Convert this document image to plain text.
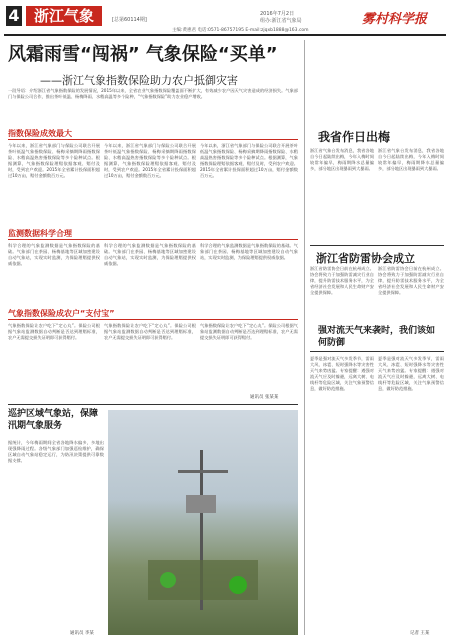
4 浙江气象	[总第60114期]
2016年7月2日
组办:浙江省气象局	雾村科学报
主编:黄惠君 电话:0571-86757195 E-mail:zjqxb1888@163.com
风霜雨雪“闯祸” 气象保险“买单”
——浙江气象指数保险助力农户抵御灾害
一段导语：介绍浙江省气象指数保险的发展情况，2015年以来，全省农业气象指数保险覆盖面不断扩大，有效减少农户因天气灾害造成的经济损失。气象部门与保险公司合作，推出茶叶低温、杨梅降雨、水稻高温等多个险种，“气象指数保险”助力农业稳产增收。
指数保险成效最大
今年以来，浙江省气象部门与保险公司联合开展茶叶低温气象指数保险、杨梅采摘期降雨指数保险、水稻高温热害指数保险等多个险种试点。根据测算，气象指数保险理赔依据客观、赔付及时，受到农户欢迎。2015年全省累计投保面积超过10万亩，赔付金额数百万元。
今年以来，浙江省气象部门与保险公司联合开展茶叶低温气象指数保险、杨梅采摘期降雨指数保险、水稻高温热害指数保险等多个险种试点。根据测算，气象指数保险理赔依据客观、赔付及时，受到农户欢迎。2015年全省累计投保面积超过10万亩，赔付金额数百万元。
今年以来，浙江省气象部门与保险公司联合开展茶叶低温气象指数保险、杨梅采摘期降雨指数保险、水稻高温热害指数保险等多个险种试点。根据测算，气象指数保险理赔依据客观、赔付及时，受到农户欢迎。2015年全省累计投保面积超过10万亩，赔付金额数百万元。
监测数据科学合理
科学合理的气象监测数据是气象指数保险的基础。气象部门在茶园、杨梅基地等区域加密建设自动气象站，实现实时监测，为保险理赔提供权威依据。
科学合理的气象监测数据是气象指数保险的基础。气象部门在茶园、杨梅基地等区域加密建设自动气象站，实现实时监测，为保险理赔提供权威依据。
科学合理的气象监测数据是气象指数保险的基础。气象部门在茶园、杨梅基地等区域加密建设自动气象站，实现实时监测，为保险理赔提供权威依据。
气象指数保险成农户“支付宝”
气象指数保险让农户吃下“定心丸”。保险公司根据气象站监测数据自动判断是否达到理赔标准，农户无需提交损失证明即可获得赔付。
气象指数保险让农户吃下“定心丸”。保险公司根据气象站监测数据自动判断是否达到理赔标准，农户无需提交损失证明即可获得赔付。
气象指数保险让农户吃下“定心丸”。保险公司根据气象站监测数据自动判断是否达到理赔标准，农户无需提交损失证明即可获得赔付。
通讯员 张某某
巡护区域气象站，保障汛期气象服务
据统计，今年梅雨期间全省各地降水偏多，多地出现强降雨过程。各级气象部门加强巡检维护，确保区域自动气象站稳定运行，为防汛决策提供可靠数据支撑。
通讯员 李某
我省作日出梅
浙江省气象台发布消息，我省各地自今日起陆续出梅，今年入梅时间较常年偏早，梅雨期降水总量偏多，部分地区出现暴雨到大暴雨。
浙江省气象台发布消息，我省各地自今日起陆续出梅，今年入梅时间较常年偏早，梅雨期降水总量偏多，部分地区出现暴雨到大暴雨。
浙江省防雷协会成立
浙江省防雷协会日前在杭州成立。协会将致力于加强防雷减灾行业自律，提升防雷技术服务水平，为全省经济社会发展和人民生命财产安全提供保障。
浙江省防雷协会日前在杭州成立。协会将致力于加强防雷减灾行业自律，提升防雷技术服务水平，为全省经济社会发展和人民生命财产安全提供保障。
强对流天气来袭时，我们该如何防御
夏季是强对流天气多发季节，雷雨大风、冰雹、短时强降水等灾害性天气来势凶猛。专家提醒：遇强对流天气应及时躲避，远离大树、电线杆等危险区域，关注气象预警信息，做好防范措施。
夏季是强对流天气多发季节，雷雨大风、冰雹、短时强降水等灾害性天气来势凶猛。专家提醒：遇强对流天气应及时躲避，远离大树、电线杆等危险区域，关注气象预警信息，做好防范措施。
记者 王某
